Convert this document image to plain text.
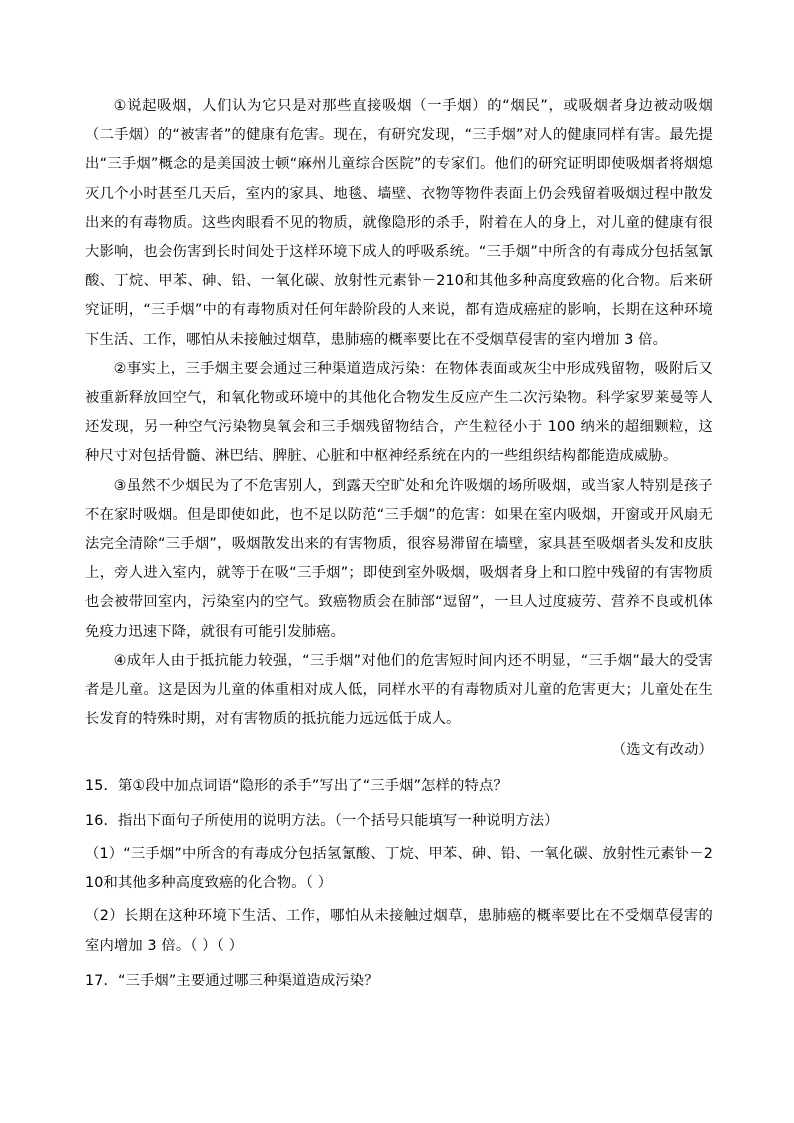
①说起吸烟，人们认为它只是对那些直接吸烟（一手烟）的“烟民”，或吸烟者身边被动吸烟（二手烟）的“被害者”的健康有危害。现在，有研究发现，“三手烟”对人的健康同样有害。最先提出“三手烟”概念的是美国波士顿“麻州儿童综合医院”的专家们。他们的研究证明即使吸烟者将烟熄灭几个小时甚至几天后，室内的家具、地毯、墙壁、衣物等物件表面上仍会残留着吸烟过程中散发出来的有毒物质。这些肉眼看不见的物质，就像隐形的杀手，附着在人的身上，对儿童的健康有很大影响，也会伤害到长时间处于这样环境下成人的呼吸系统。“三手烟”中所含的有毒成分包括氢氰酸、丁烷、甲苯、砷、铅、一氧化碳、放射性元素钋－210和其他多种高度致癌的化合物。后来研究证明，“三手烟”中的有毒物质对任何年龄阶段的人来说，都有造成癌症的影响，长期在这种环境下生活、工作，哪怕从未接触过烟草，患肺癌的概率要比在不受烟草侵害的室内增加 3 倍。

②事实上，三手烟主要会通过三种渠道造成污染：在物体表面或灰尘中形成残留物，吸附后又被重新释放回空气，和氧化物或环境中的其他化合物发生反应产生二次污染物。科学家罗莱曼等人还发现，另一种空气污染物臭氧会和三手烟残留物结合，产生粒径小于 100 纳米的超细颗粒，这种尺寸对包括骨髓、淋巴结、脾脏、心脏和中枢神经系统在内的一些组织结构都能造成威胁。

③虽然不少烟民为了不危害别人，到露天空旷处和允许吸烟的场所吸烟，或当家人特别是孩子不在家时吸烟。但是即使如此，也不足以防范“三手烟”的危害：如果在室内吸烟，开窗或开风扇无法完全清除“三手烟”，吸烟散发出来的有害物质，很容易滞留在墙壁，家具甚至吸烟者头发和皮肤上，旁人进入室内，就等于在吸“三手烟”；即使到室外吸烟，吸烟者身上和口腔中残留的有害物质也会被带回室内，污染室内的空气。致癌物质会在肺部“逗留”，一旦人过度疲劳、营养不良或机体免疫力迅速下降，就很有可能引发肺癌。

④成年人由于抵抗能力较强，“三手烟”对他们的危害短时间内还不明显，“三手烟”最大的受害者是儿童。这是因为儿童的体重相对成人低，同样水平的有毒物质对儿童的危害更大；儿童处在生长发育的特殊时期，对有害物质的抵抗能力远远低于成人。

（选文有改动）

15．第①段中加点词语“隐形的杀手”写出了“三手烟”怎样的特点？

16．指出下面句子所使用的说明方法。（一个括号只能填写一种说明方法）

（1）“三手烟”中所含的有毒成分包括氢氰酸、丁烷、甲苯、砷、铅、一氧化碳、放射性元素钋－210和其他多种高度致癌的化合物。（ ）

（2）长期在这种环境下生活、工作，哪怕从未接触过烟草，患肺癌的概率要比在不受烟草侵害的室内增加 3 倍。（ ）（ ）

17．“三手烟”主要通过哪三种渠道造成污染？
